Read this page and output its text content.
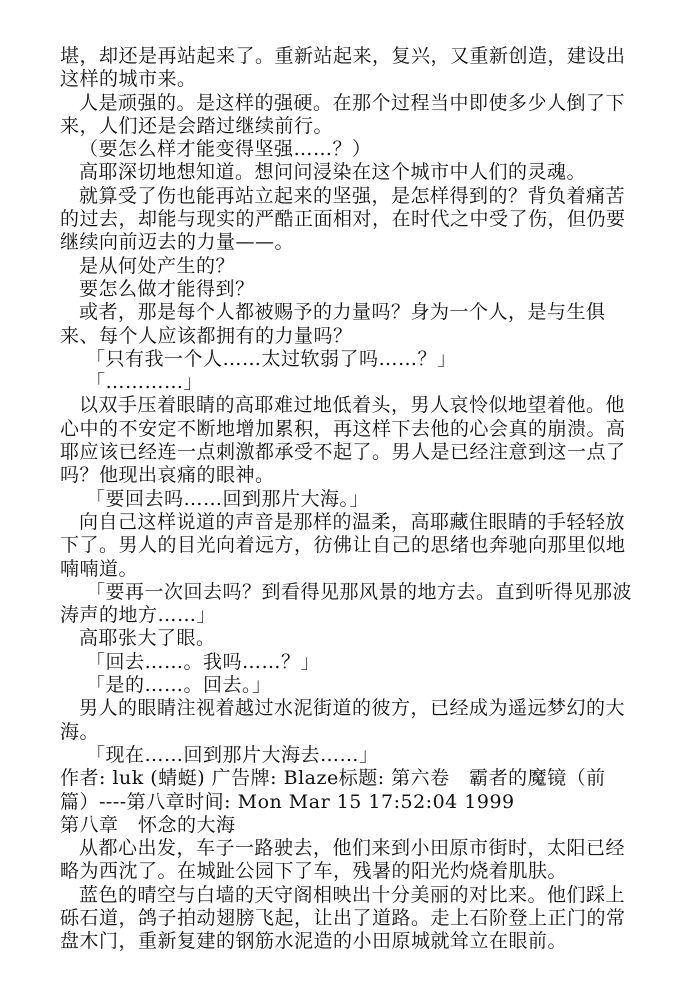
堪，却还是再站起来了。重新站起来，复兴，又重新创造，建设出
这样的城市来。
人是顽强的。是这样的强硬。在那个过程当中即使多少人倒了下
来，人们还是会踏过继续前行。
（要怎么样才能变得坚强……？）
高耶深切地想知道。想问问浸染在这个城市中人们的灵魂。
就算受了伤也能再站立起来的坚强，是怎样得到的？背负着痛苦
的过去，却能与现实的严酷正面相对，在时代之中受了伤，但仍要
继续向前迈去的力量——。
是从何处产生的？
要怎么做才能得到？
或者，那是每个人都被赐予的力量吗？身为一个人，是与生俱
来、每个人应该都拥有的力量吗？
「只有我一个人……太过软弱了吗……？」
「…………」
以双手压着眼睛的高耶难过地低着头，男人哀怜似地望着他。他
心中的不安定不断地增加累积，再这样下去他的心会真的崩溃。高
耶应该已经连一点刺激都承受不起了。男人是已经注意到这一点了
吗？他现出哀痛的眼神。
「要回去吗……回到那片大海。」
向自己这样说道的声音是那样的温柔，高耶藏住眼睛的手轻轻放
下了。男人的目光向着远方，彷佛让自己的思绪也奔驰向那里似地
喃喃道。
「要再一次回去吗？到看得见那风景的地方去。直到听得见那波
涛声的地方……」
高耶张大了眼。
「回去……。我吗……？」
「是的……。回去。」
男人的眼睛注视着越过水泥街道的彼方，已经成为遥远梦幻的大
海。
「现在……回到那片大海去……」
作者: luk (蜻蜓) 广告牌: Blaze标题: 第六卷　霸者的魔镜（前
篇）----第八章时间: Mon Mar 15 17:52:04 1999
第八章　怀念的大海
从都心出发，车子一路驶去，他们来到小田原市街时，太阳已经
略为西沈了。在城趾公园下了车，残暑的阳光灼烧着肌肤。
蓝色的晴空与白墙的天守阁相映出十分美丽的对比来。他们踩上
砾石道，鸽子拍动翅膀飞起，让出了道路。走上石阶登上正门的常
盘木门，重新复建的钢筋水泥造的小田原城就耸立在眼前。
